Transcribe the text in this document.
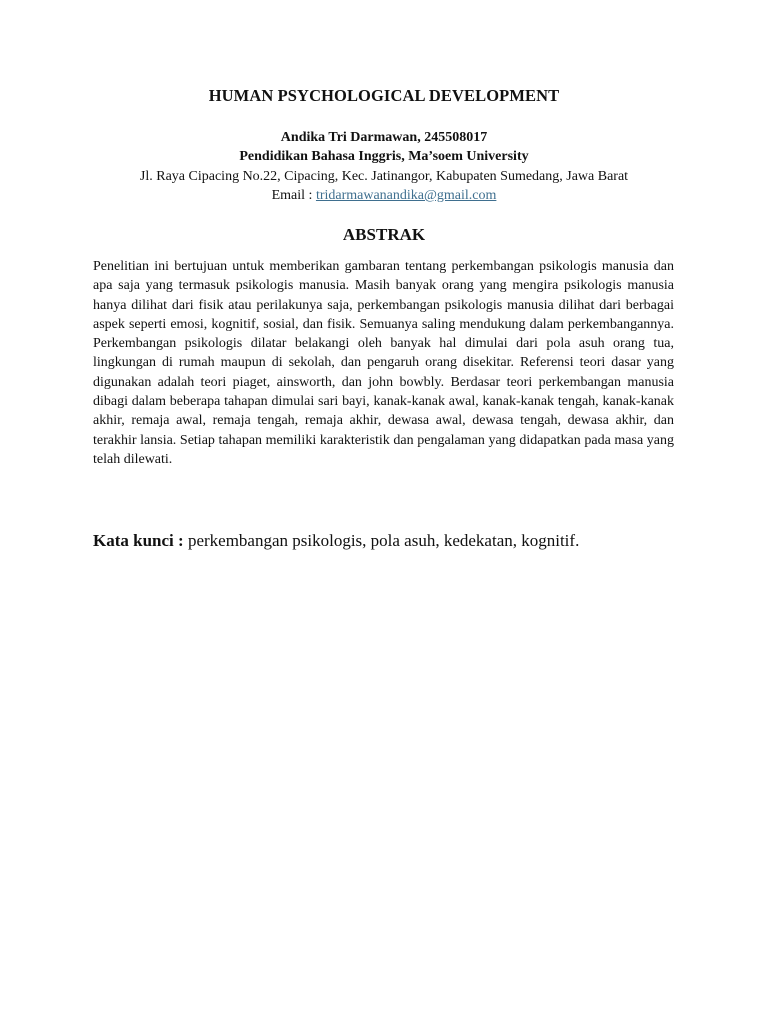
HUMAN PSYCHOLOGICAL DEVELOPMENT
Andika Tri Darmawan, 245508017
Pendidikan Bahasa Inggris, Ma’soem University
Jl. Raya Cipacing No.22, Cipacing, Kec. Jatinangor, Kabupaten Sumedang, Jawa Barat
Email : tridarmawanandika@gmail.com
ABSTRAK

Penelitian ini bertujuan untuk memberikan gambaran tentang perkembangan psikologis manusia dan apa saja yang termasuk psikologis manusia. Masih banyak orang yang mengira psikologis manusia hanya dilihat dari fisik atau perilakunya saja, perkembangan psikologis manusia dilihat dari berbagai aspek seperti emosi, kognitif, sosial, dan fisik. Semuanya saling mendukung dalam perkembangannya. Perkembangan psikologis dilatar belakangi oleh banyak hal dimulai dari pola asuh orang tua, lingkungan di rumah maupun di sekolah, dan pengaruh orang disekitar. Referensi teori dasar yang digunakan adalah teori piaget, ainsworth, dan john bowbly. Berdasar teori perkembangan manusia dibagi dalam beberapa tahapan dimulai sari bayi, kanak-kanak awal, kanak-kanak tengah, kanak-kanak akhir, remaja awal, remaja tengah, remaja akhir, dewasa awal, dewasa tengah, dewasa akhir, dan terakhir lansia. Setiap tahapan memiliki karakteristik dan pengalaman yang didapatkan pada masa yang telah dilewati.

Kata kunci : perkembangan psikologis, pola asuh, kedekatan, kognitif.
